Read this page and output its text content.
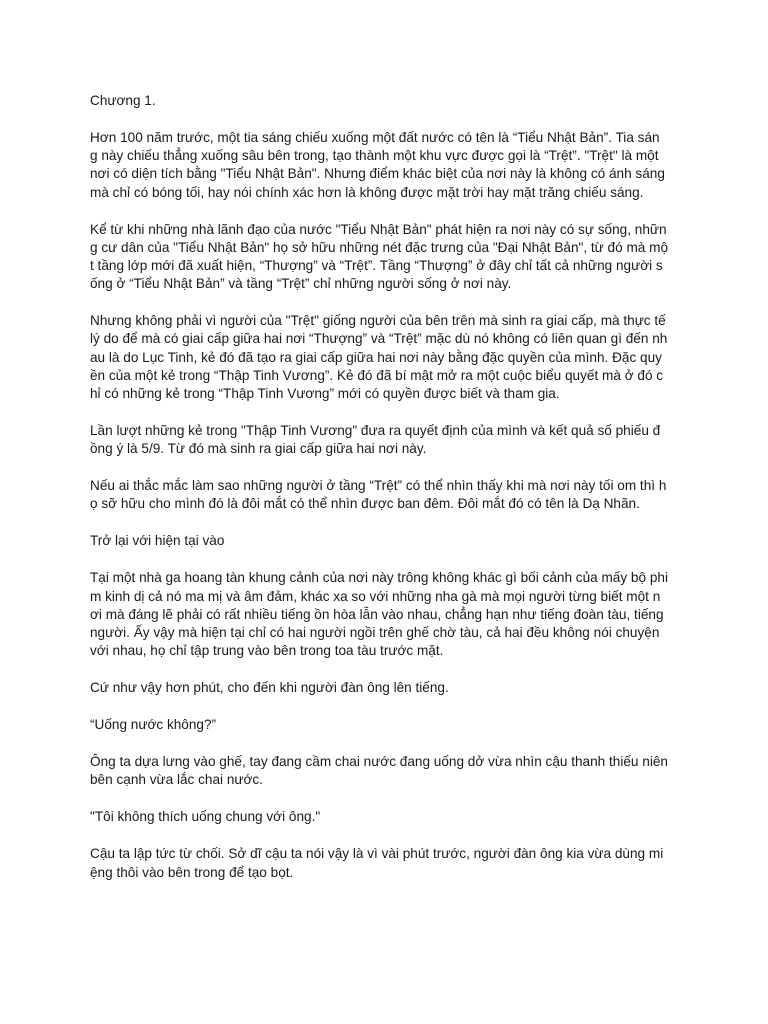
Chương 1.

Hơn 100 năm trước, một tia sáng chiếu xuống một đất nước có tên là “Tiểu Nhật Bản”. Tia sán
g này chiếu thẳng xuống sâu bên trong, tạo thành một khu vực được gọi là “Trệt”. "Trệt" là một
nơi có diện tích bằng "Tiểu Nhật Bản". Nhưng điểm khác biệt của nơi này là không có ánh sáng
mà chỉ có bóng tối, hay nói chính xác hơn là không được mặt trời hay mặt trăng chiếu sáng.

Kể từ khi những nhà lãnh đạo của nước "Tiểu Nhật Bản" phát hiện ra nơi này có sự sống, nhữn
g cư dân của "Tiểu Nhật Bản" họ sở hữu những nét đặc trưng của "Đại Nhật Bản", từ đó mà mộ
t tầng lớp mới đã xuất hiện, “Thượng” và “Trệt”. Tầng “Thượng” ở đây chỉ tất cả những người s
ống ở “Tiểu Nhật Bản” và tầng “Trệt” chỉ những người sống ở nơi này.

Nhưng không phải vì người của "Trệt" giống người của bên trên mà sinh ra giai cấp, mà thực tế
lý do để mà có giai cấp giữa hai nơi “Thượng” và “Trệt” mặc dù nó không có liên quan gì đến nh
au là do Lục Tinh, kẻ đó đã tạo ra giai cấp giữa hai nơi này bằng đặc quyền của mình. Đặc quy
ền của một kẻ trong “Thập Tinh Vương”. Kẻ đó đã bí mật mở ra một cuộc biểu quyết mà ở đó c
hỉ có những kẻ trong “Thập Tinh Vương” mới có quyền được biết và tham gia.

Lần lượt những kẻ trong "Thập Tinh Vương" đưa ra quyết định của mình và kết quả số phiếu đ
ồng ý là 5/9. Từ đó mà sinh ra giai cấp giữa hai nơi này.

Nếu ai thắc mắc làm sao những người ở tầng “Trệt” có thể nhìn thấy khi mà nơi này tối om thì h
ọ sỡ hữu cho mình đó là đôi mắt có thể nhìn được ban đêm. Đôi mắt đó có tên là Dạ Nhãn.

Trở lại với hiện tại vào

Tại một nhà ga hoang tàn khung cảnh của nơi này trông không khác gì bối cảnh của mấy bộ phi
m kinh dị cả nó ma mị và âm đảm, khác xa so với những nha gà mà mọi người từng biết một n
ơi mà đáng lẽ phải có rất nhiều tiếng ồn hòa lẫn vào nhau, chẳng hạn như tiếng đoàn tàu, tiếng
người. Ấy vậy mà hiện tại chỉ có hai người ngồi trên ghế chờ tàu, cả hai đều không nói chuyện
với nhau, họ chỉ tập trung vào bên trong toa tàu trước mặt.

Cứ như vậy hơn phút, cho đến khi người đàn ông lên tiếng.

“Uống nước không?”

Ông ta dựa lưng vào ghế, tay đang cầm chai nước đang uống dở vừa nhìn cậu thanh thiếu niên
bên cạnh vừa lắc chai nước.

"Tôi không thích uống chung với ông."

Cậu ta lập tức từ chối. Sở dĩ cậu ta nói vậy là vì vài phút trước, người đàn ông kia vừa dùng mi
ệng thôi vào bên trong để tạo bọt.
